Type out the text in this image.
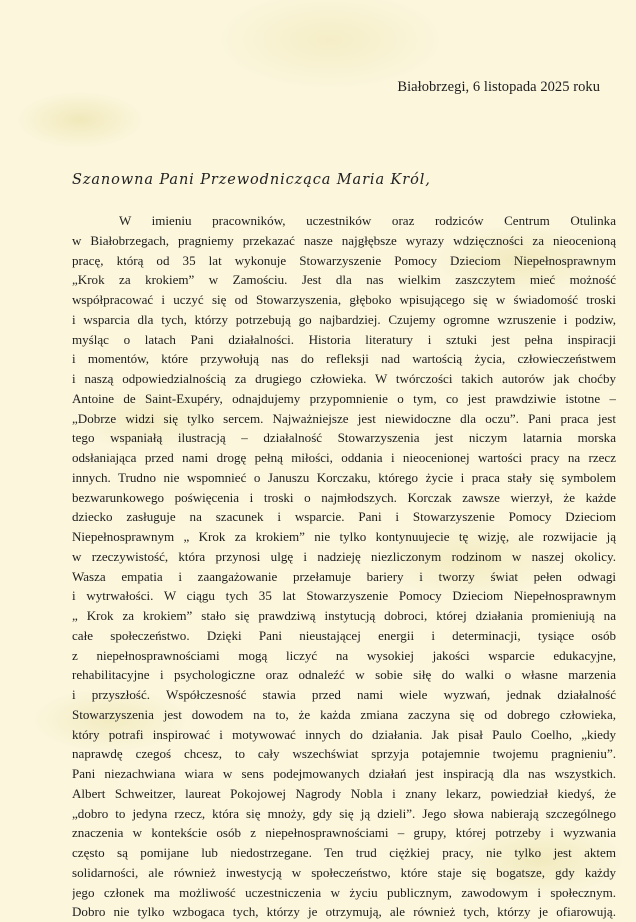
Białobrzegi, 6 listopada 2025 roku
Szanowna Pani Przewodnicząca Maria Król,
W imieniu pracowników, uczestników oraz rodziców Centrum Otulinka
w Białobrzegach, pragniemy przekazać nasze najgłębsze wyrazy wdzięczności za nieocenioną
pracę, którą od 35 lat wykonuje Stowarzyszenie Pomocy Dzieciom Niepełnosprawnym
„Krok za krokiem” w Zamościu. Jest dla nas wielkim zaszczytem mieć możność
współpracować i uczyć się od Stowarzyszenia, głęboko wpisującego się w świadomość troski
i wsparcia dla tych, którzy potrzebują go najbardziej. Czujemy ogromne wzruszenie i podziw,
myśląc o latach Pani działalności. Historia literatury i sztuki jest pełna inspiracji
i momentów, które przywołują nas do refleksji nad wartością życia, człowieczeństwem
i naszą odpowiedzialnością za drugiego człowieka. W twórczości takich autorów jak choćby
Antoine de Saint-Exupéry, odnajdujemy przypomnienie o tym, co jest prawdziwie istotne –
„Dobrze widzi się tylko sercem. Najważniejsze jest niewidoczne dla oczu”. Pani praca jest
tego wspaniałą ilustracją – działalność Stowarzyszenia jest niczym latarnia morska
odsłaniająca przed nami drogę pełną miłości, oddania i nieocenionej wartości pracy na rzecz
innych. Trudno nie wspomnieć o Januszu Korczaku, którego życie i praca stały się symbolem
bezwarunkowego poświęcenia i troski o najmłodszych. Korczak zawsze wierzył, że każde
dziecko zasługuje na szacunek i wsparcie. Pani i Stowarzyszenie Pomocy Dzieciom
Niepełnosprawnym „ Krok za krokiem” nie tylko kontynuujecie tę wizję, ale rozwijacie ją
w rzeczywistość, która przynosi ulgę i nadzieję niezliczonym rodzinom w naszej okolicy.
Wasza empatia i zaangażowanie przełamuje bariery i tworzy świat pełen odwagi
i wytrwałości. W ciągu tych 35 lat Stowarzyszenie Pomocy Dzieciom Niepełnosprawnym
„ Krok za krokiem” stało się prawdziwą instytucją dobroci, której działania promieniują na
całe społeczeństwo. Dzięki Pani nieustającej energii i determinacji, tysiące osób
z niepełnosprawnościami mogą liczyć na wysokiej jakości wsparcie edukacyjne,
rehabilitacyjne i psychologiczne oraz odnaleźć w sobie siłę do walki o własne marzenia
i przyszłość. Współczesność stawia przed nami wiele wyzwań, jednak działalność
Stowarzyszenia jest dowodem na to, że każda zmiana zaczyna się od dobrego człowieka,
który potrafi inspirować i motywować innych do działania. Jak pisał Paulo Coelho, „kiedy
naprawdę czegoś chcesz, to cały wszechświat sprzyja potajemnie twojemu pragnieniu”.
Pani niezachwiana wiara w sens podejmowanych działań jest inspiracją dla nas wszystkich.
Albert Schweitzer, laureat Pokojowej Nagrody Nobla i znany lekarz, powiedział kiedyś, że
„dobro to jedyna rzecz, która się mnoży, gdy się ją dzieli”. Jego słowa nabierają szczególnego
znaczenia w kontekście osób z niepełnosprawnościami – grupy, której potrzeby i wyzwania
często są pomijane lub niedostrzegane. Ten trud ciężkiej pracy, nie tylko jest aktem
solidarności, ale również inwestycją w społeczeństwo, które staje się bogatsze, gdy każdy
jego członek ma możliwość uczestniczenia w życiu publicznym, zawodowym i społecznym.
Dobro nie tylko wzbogaca tych, którzy je otrzymują, ale również tych, którzy je ofiarowują.
